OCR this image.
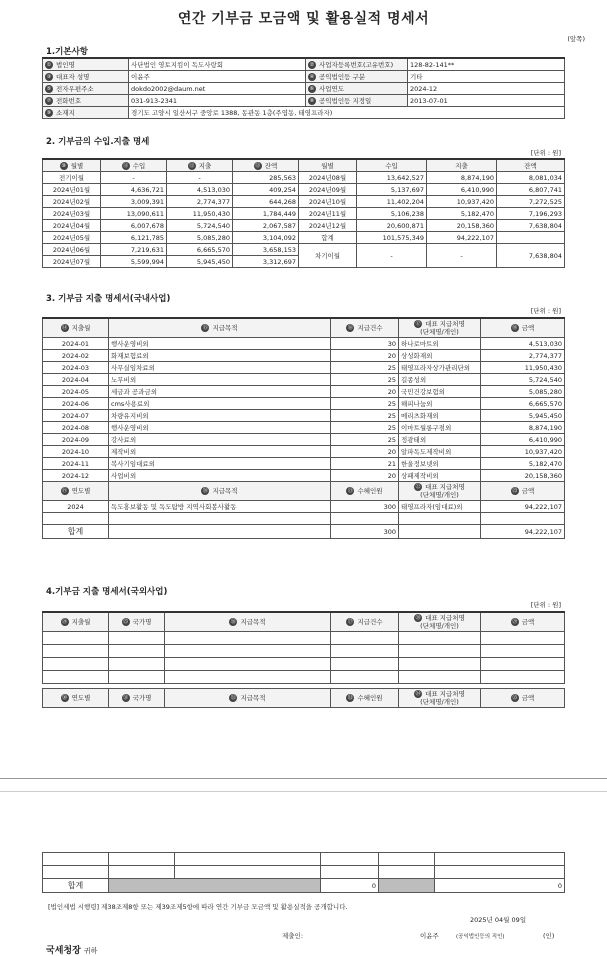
연간 기부금 모금액 및 활용실적 명세서
(앞쪽)
1.기본사항
① 법인명	사단법인 영토지킴이 독도사랑회	② 사업자등록번호(고유번호)	128-82-141**
③ 대표자 성명	이윤주	④ 공익법인등 구분	기타
⑤ 전자우편주소	dokdo2002@daum.net	⑥ 사업연도	2024-12
⑦ 전화번호	031-913-2341	⑧ 공익법인등 지정일	2013-07-01
⑨ 소재지	경기도 고양시 일산서구 중앙로 1388, 동관동 1층(주엽동, 태영프라자)		
2. 기부금의 수입.지출 명세
[단위 : 원]
⑩ 월별	⑪ 수입	⑫ 지출	⑬ 잔액	월별	수입	지출	잔액
전기이월	-	-	285,563	2024년08월	13,642,527	8,874,190	8,081,034
2024년01월	4,636,721	4,513,030	409,254	2024년09월	5,137,697	6,410,990	6,807,741
2024년02월	3,009,391	2,774,377	644,268	2024년10월	11,402,204	10,937,420	7,272,525
2024년03월	13,090,611	11,950,430	1,784,449	2024년11월	5,106,238	5,182,470	7,196,293
2024년04월	6,007,678	5,724,540	2,067,587	2024년12월	20,600,871	20,158,360	7,638,804
2024년05월	6,121,785	5,085,280	3,104,092	합계	101,575,349	94,222,107	
2024년06월	7,219,631	6,665,570	3,658,153	차기이월	-	-	7,638,804
2024년07월	5,599,994	5,945,450	3,312,697				
3. 기부금 지출 명세서(국내사업)
[단위 : 원]
⑭ 지출월	⑮ 지급목적	⑯ 지급건수	⑰ 대표 지급처명
(단체명/개인)	⑱ 금액
2024-01	행사운영비외	30	하나로마트외	4,513,030
2024-02	화재보험료외	20	상성화재외	2,774,377
2024-03	사무실임차료외	25	태영프라자상가관리단외	11,950,430
2024-04	노무비외	25	길종성외	5,724,540
2024-05	세금과 공과금외	20	국민건강보험외	5,085,280
2024-06	cms사용료외	25	해피나눔외	6,665,570
2024-07	차량유지비외	25	메리츠화재외	5,945,450
2024-08	행사운영비외	25	이마트월롱구점외	8,874,190
2024-09	강사료외	25	정광태외	6,410,990
2024-10	제작비외	20	알파독도제작비외	10,937,420
2024-11	복사기임대료외	21	한울정보넷외	5,182,470
2024-12	사업비외	20	상패제작비외	20,158,360
⑲ 연도별	⑳ 지급목적	㉑ 수혜인원	㉒ 대표 지급처명
(단체명/개인)	㉓ 금액
2024	독도홍보활동 및 독도탐방 지역사회봉사활동	300	태영프라자(임대료)외	94,222,107

합계		300		94,222,107
4.기부금 지출 명세서(국외사업)
[단위 : 원]
㉔ 지출월	㉕ 국가명	㉖ 지급목적	㉗ 지급건수	㉘ 대표 지급처명
(단체명/개인)	㉙ 금액

㉚ 연도별	㉛ 국가명	㉜ 지급목적	㉝ 수혜인원	㉞ 대표 지급처명
(단체명/개인)	㉟ 금액

합계			0		0
[법인세법 시행령] 제38조제8항 또는 제39조제5항에 따라 연간 기부금 모금액 및 활용실적을 공개합니다.
2025년 04월 09일
제출인:	이윤주	(공익법인등의 직인)	(인)
국세청장 귀하
